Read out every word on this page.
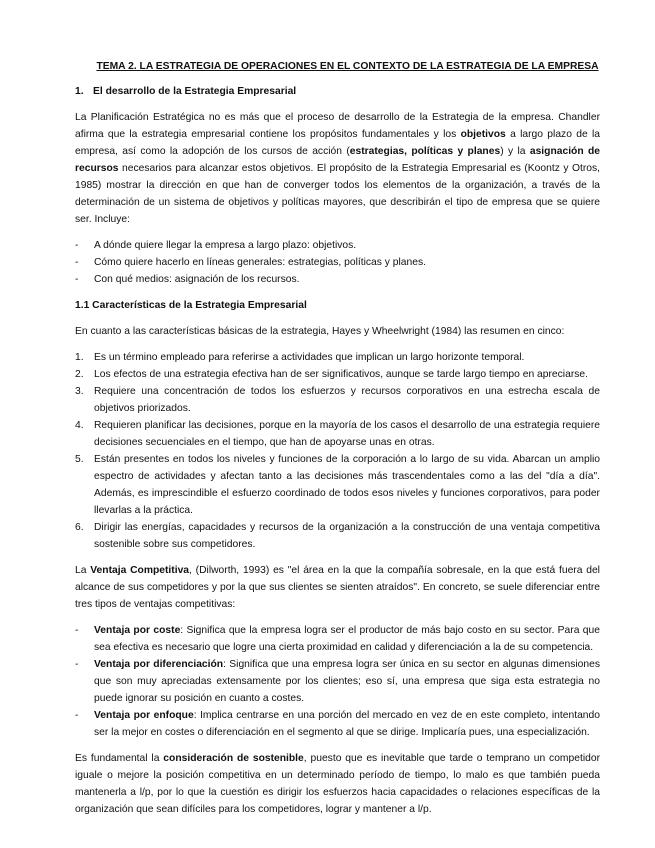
TEMA 2. LA ESTRATEGIA DE OPERACIONES EN EL CONTEXTO DE LA ESTRATEGIA DE LA EMPRESA
1. El desarrollo de la Estrategia Empresarial

La Planificación Estratégica no es más que el proceso de desarrollo de la Estrategia de la empresa. Chandler afirma que la estrategia empresarial contiene los propósitos fundamentales y los objetivos a largo plazo de la empresa, así como la adopción de los cursos de acción (estrategias, políticas y planes) y la asignación de recursos necesarios para alcanzar estos objetivos. El propósito de la Estrategia Empresarial es (Koontz y Otros, 1985) mostrar la dirección en que han de converger todos los elementos de la organización, a través de la determinación de un sistema de objetivos y políticas mayores, que describirán el tipo de empresa que se quiere ser. Incluye:

-	A dónde quiere llegar la empresa a largo plazo: objetivos.
-	Cómo quiere hacerlo en líneas generales: estrategias, políticas y planes.
-	Con qué medios: asignación de los recursos.
1.1 Características de la Estrategia Empresarial

En cuanto a las características básicas de la estrategia, Hayes y Wheelwright (1984) las resumen en cinco:

1.	Es un término empleado para referirse a actividades que implican un largo horizonte temporal.
2.	Los efectos de una estrategia efectiva han de ser significativos, aunque se tarde largo tiempo en apreciarse.
3.	Requiere una concentración de todos los esfuerzos y recursos corporativos en una estrecha escala de objetivos priorizados.
4.	Requieren planificar las decisiones, porque en la mayoría de los casos el desarrollo de una estrategia requiere decisiones secuenciales en el tiempo, que han de apoyarse unas en otras.
5.	Están presentes en todos los niveles y funciones de la corporación a lo largo de su vida. Abarcan un amplio espectro de actividades y afectan tanto a las decisiones más trascendentales como a las del "día a día". Además, es imprescindible el esfuerzo coordinado de todos esos niveles y funciones corporativos, para poder llevarlas a la práctica.
6.	Dirigir las energías, capacidades y recursos de la organización a la construcción de una ventaja competitiva sostenible sobre sus competidores.

La Ventaja Competitiva, (Dilworth, 1993) es "el área en la que la compañía sobresale, en la que está fuera del alcance de sus competidores y por la que sus clientes se sienten atraídos". En concreto, se suele diferenciar entre tres tipos de ventajas competitivas:

-	Ventaja por coste: Significa que la empresa logra ser el productor de más bajo costo en su sector. Para que sea efectiva es necesario que logre una cierta proximidad en calidad y diferenciación a la de su competencia.
-	Ventaja por diferenciación: Significa que una empresa logra ser única en su sector en algunas dimensiones que son muy apreciadas extensamente por los clientes; eso sí, una empresa que siga esta estrategia no puede ignorar su posición en cuanto a costes.
-	Ventaja por enfoque: Implica centrarse en una porción del mercado en vez de en este completo, intentando ser la mejor en costes o diferenciación en el segmento al que se dirige. Implicaría pues, una especialización.

Es fundamental la consideración de sostenible, puesto que es inevitable que tarde o temprano un competidor iguale o mejore la posición competitiva en un determinado período de tiempo, lo malo es que también pueda mantenerla a l/p, por lo que la cuestión es dirigir los esfuerzos hacia capacidades o relaciones específicas de la organización que sean difíciles para los competidores, lograr y mantener a l/p.
